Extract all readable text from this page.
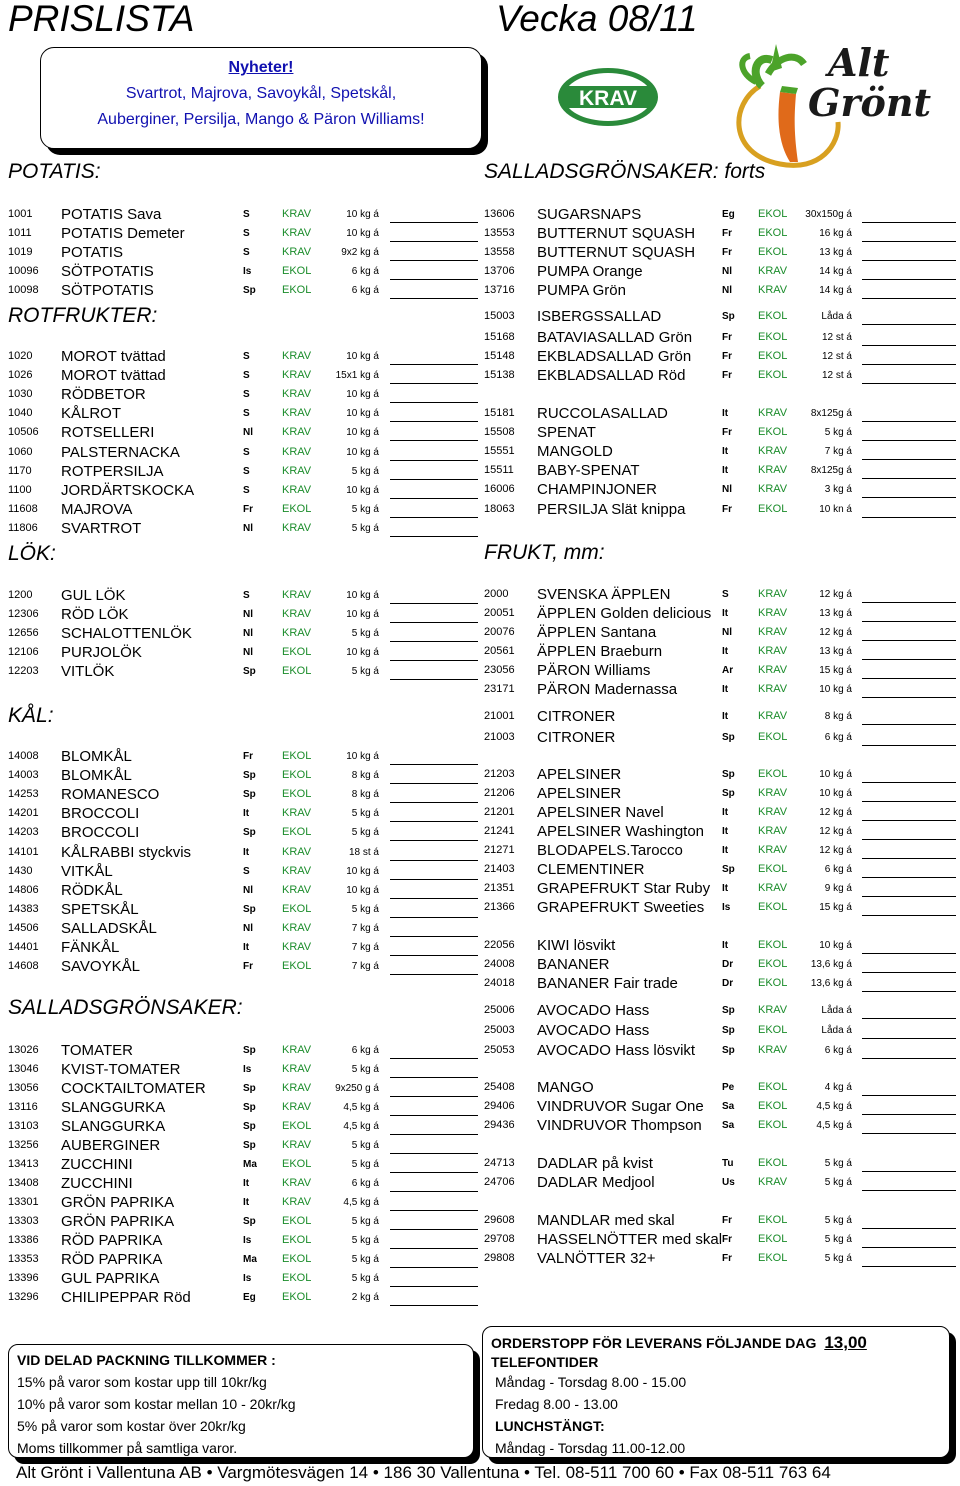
PRISLISTA	Vecka 08/11
Nyheter!
Svartrot, Majrova, Savoykål, Spetskål,
Auberginer, Persilja, Mango & Päron Williams!
KRAV
Alt
Grönt
POTATIS:
1001 POTATIS Sava	S	KRAV	10 kg á
1011 POTATIS Demeter	S	KRAV	10 kg á
1019 POTATIS	S	KRAV	9x2 kg á
10096 SÖTPOTATIS	Is	EKOL	6 kg á
10098 SÖTPOTATIS	Sp EKOL	6 kg á
ROTFRUKTER:
1020 MOROT tvättad	S	KRAV	10 kg á
1026 MOROT tvättad	S	KRAV 15x1 kg á
1030 RÖDBETOR	S	KRAV	10 kg á
1040 KÅLROT	S	KRAV	10 kg á
10506 ROTSELLERI	Nl	KRAV	10 kg á
1060 PALSTERNACKA	S	KRAV	10 kg á
1170 ROTPERSILJA	S	KRAV	5 kg á
1100 JORDÄRTSKOCKA	S	KRAV	10 kg á
11608 MAJROVA	Fr	EKOL	5 kg á
11806 SVARTROT	Nl	KRAV	5 kg á
LÖK:
1200 GUL LÖK	S	KRAV	10 kg á
12306 RÖD LÖK	Nl	KRAV	10 kg á
12656 SCHALOTTENLÖK	Nl	KRAV	5 kg á
12106 PURJOLÖK	Nl	EKOL	10 kg á
12203 VITLÖK	Sp EKOL	5 kg á
KÅL:
14008 BLOMKÅL	Fr	EKOL	10 kg á
14003 BLOMKÅL	Sp EKOL	8 kg á
14253 ROMANESCO	Sp EKOL	8 kg á
14201 BROCCOLI	It	KRAV	5 kg á
14203 BROCCOLI	Sp EKOL	5 kg á
14101 KÅLRABBI styckvis	It	KRAV	18 st á
1430 VITKÅL	S	KRAV	10 kg á
14806 RÖDKÅL	Nl	KRAV	10 kg á
14383 SPETSKÅL	Sp EKOL	5 kg á
14506 SALLADSKÅL	Nl	KRAV	7 kg á
14401 FÄNKÅL	It	KRAV	7 kg á
14608 SAVOYKÅL	Fr	EKOL	7 kg á
SALLADSGRÖNSAKER:
13026 TOMATER	Sp KRAV	6 kg á
13046 KVIST-TOMATER	Is	KRAV	5 kg á
13056 COCKTAILTOMATER	Sp KRAV 9x250 g á
13116 SLANGGURKA	Sp KRAV	4,5 kg á
13103 SLANGGURKA	Sp EKOL	4,5 kg á
13256 AUBERGINER	Sp KRAV	5 kg á
13413 ZUCCHINI	Ma EKOL	5 kg á
13408 ZUCCHINI	It	KRAV	6 kg á
13301 GRÖN PAPRIKA	It	KRAV	4,5 kg á
13303 GRÖN PAPRIKA	Sp EKOL	5 kg á
13386 RÖD PAPRIKA	Is	EKOL	5 kg á
13353 RÖD PAPRIKA	Ma EKOL	5 kg á
13396 GUL PAPRIKA	Is	EKOL	5 kg á
13296 CHILIPEPPAR Röd	Eg EKOL	2 kg á
SALLADSGRÖNSAKER: forts
13606 SUGARSNAPS	Eg EKOL 30x150g á
13553 BUTTERNUT SQUASH	Fr EKOL	16 kg á
13558 BUTTERNUT SQUASH	Fr EKOL	13 kg á
13706 PUMPA Orange	Nl KRAV	14 kg á
13716 PUMPA Grön	Nl KRAV	14 kg á
15003 ISBERGSSALLAD	Sp EKOL	Låda á
15168 BATAVIASALLAD Grön	Fr EKOL	12 st á
15148 EKBLADSALLAD Grön	Fr EKOL	12 st á
15138 EKBLADSALLAD Röd	Fr EKOL	12 st á
15181 RUCCOLASALLAD	It	KRAV 8x125g á
15508 SPENAT	Fr EKOL	5 kg á
15551 MANGOLD	It	KRAV	7 kg á
15511 BABY-SPENAT	It	KRAV 8x125g á
16006 CHAMPINJONER	Nl KRAV	3 kg á
18063 PERSILJA Slät knippa	Fr EKOL	10 kn á
FRUKT, mm:
2000 SVENSKA ÄPPLEN	S	KRAV	12 kg á
20051 ÄPPLEN Golden delicious It	KRAV	13 kg á
20076 ÄPPLEN Santana	Nl KRAV	12 kg á
20561 ÄPPLEN Braeburn	It	KRAV	13 kg á
23056 PÄRON Williams	Ar KRAV	15 kg á
23171 PÄRON Madernassa	It	KRAV	10 kg á
21001 CITRONER	It	KRAV	8 kg á
21003 CITRONER	Sp EKOL	6 kg á
21203 APELSINER	Sp EKOL	10 kg á
21206 APELSINER	Sp KRAV	10 kg á
21201 APELSINER Navel	It	KRAV	12 kg á
21241 APELSINER Washington It	KRAV	12 kg á
21271 BLODAPELS.Tarocco	It	KRAV	12 kg á
21403 CLEMENTINER	Sp EKOL	6 kg á
21351 GRAPEFRUKT Star Ruby It	KRAV	9 kg á
21366 GRAPEFRUKT Sweeties Is	EKOL	15 kg á
22056 KIWI lösvikt	It	EKOL	10 kg á
24008 BANANER	Dr EKOL 13,6 kg á
24018 BANANER Fair trade	Dr EKOL 13,6 kg á
25006 AVOCADO Hass	Sp KRAV	Låda á
25003 AVOCADO Hass	Sp EKOL	Låda á
25053 AVOCADO Hass lösvikt	Sp KRAV	6 kg á
25408 MANGO	Pe EKOL	4 kg á
29406 VINDRUVOR Sugar One Sa EKOL	4,5 kg á
29436 VINDRUVOR Thompson Sa EKOL	4,5 kg á
24713 DADLAR på kvist	Tu EKOL	5 kg á
24706 DADLAR Medjool	Us KRAV	5 kg á
29608 MANDLAR med skal	Fr EKOL	5 kg á
29708 HASSELNÖTTER med skal Fr EKOL	5 kg á
29808 VALNÖTTER 32+	Fr EKOL	5 kg á
VID DELAD PACKNING TILLKOMMER :
15% på varor som kostar upp till 10kr/kg
10% på varor som kostar mellan 10 - 20kr/kg
5% på varor som kostar över 20kr/kg
Moms tillkommer på samtliga varor.
ORDERSTOPP FÖR LEVERANS FÖLJANDE DAG 13,00
TELEFONTIDER
Måndag - Torsdag 8.00 - 15.00
Fredag 8.00 - 13.00
LUNCHSTÄNGT:
Måndag - Torsdag 11.00-12.00
Alt Grönt i Vallentuna AB • Vargmötesvägen 14 • 186 30 Vallentuna • Tel. 08-511 700 60 • Fax 08-511 763 64
